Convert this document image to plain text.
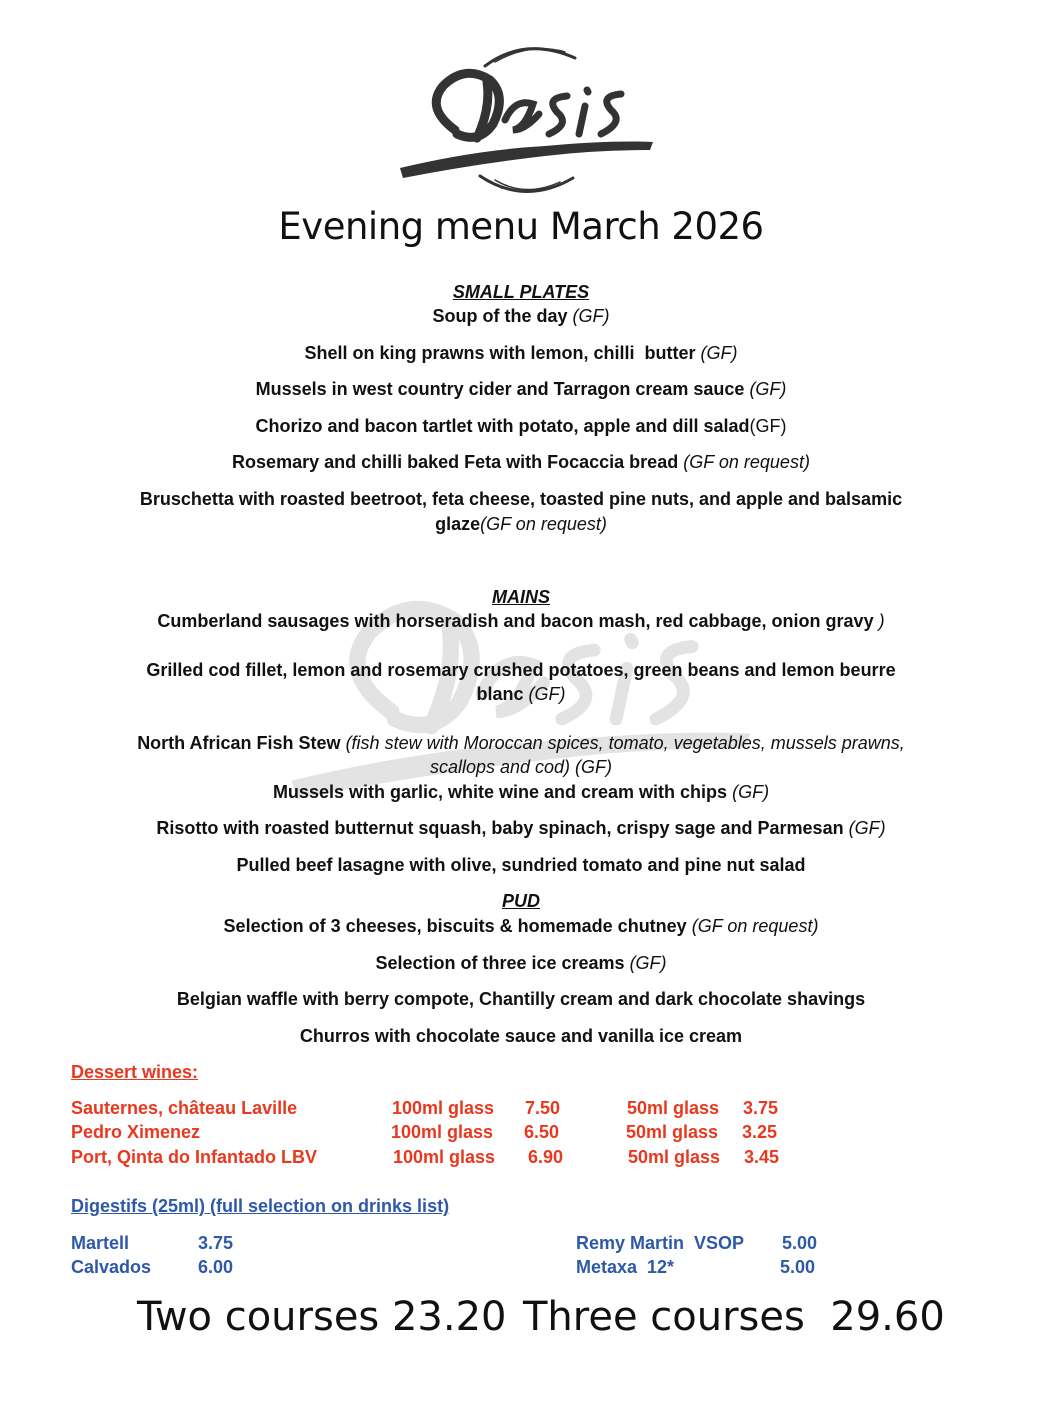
Evening menu March 2026
SMALL PLATES
Soup of the day (GF)
Shell on king prawns with lemon, chilli  butter (GF)
Mussels in west country cider and Tarragon cream sauce (GF)
Chorizo and bacon tartlet with potato, apple and dill salad(GF)
Rosemary and chilli baked Feta with Focaccia bread (GF on request)
Bruschetta with roasted beetroot, feta cheese, toasted pine nuts, and apple and balsamic
glaze(GF on request)
MAINS
Cumberland sausages with horseradish and bacon mash, red cabbage, onion gravy )
Grilled cod fillet, lemon and rosemary crushed potatoes, green beans and lemon beurre
blanc (GF)
North African Fish Stew (fish stew with Moroccan spices, tomato, vegetables, mussels prawns,
scallops and cod) (GF)
Mussels with garlic, white wine and cream with chips (GF)
Risotto with roasted butternut squash, baby spinach, crispy sage and Parmesan (GF)
Pulled beef lasagne with olive, sundried tomato and pine nut salad
PUD
Selection of 3 cheeses, biscuits & homemade chutney (GF on request)
Selection of three ice creams (GF)
Belgian waffle with berry compote, Chantilly cream and dark chocolate shavings
Churros with chocolate sauce and vanilla ice cream
Dessert wines:
Sauternes, château Laville	100ml glass 7.50	50ml glass 3.75
Pedro Ximenez	100ml glass 6.50	50ml glass 3.25
Port, Qinta do Infantado LBV	100ml glass 6.90	50ml glass 3.45
Digestifs (25ml) (full selection on drinks list)
Martell	3.75	Remy Martin  VSOP 5.00
Calvados	6.00	Metaxa  12*	5.00
Two courses 23.20 Three courses  29.60
